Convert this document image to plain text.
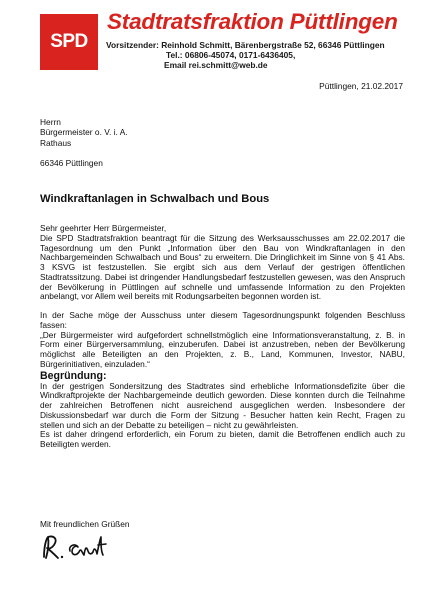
SPD
Stadtratsfraktion Püttlingen
Vorsitzender: Reinhold Schmitt, Bärenbergstraße 52, 66346 Püttlingen
Tel.: 06806-45074, 0171-6436405,
Email rei.schmitt@web.de
Püttlingen, 21.02.2017
Herrn
Bürgermeister o. V. i. A.
Rathaus
66346 Püttlingen
Windkraftanlagen in Schwalbach und Bous

Sehr geehrter Herr Bürgermeister,

Die SPD Stadtratsfraktion beantragt für die Sitzung des Werksausschusses am 22.02.2017 die Tagesordnung um den Punkt „Information über den Bau von Windkraftanlagen in den Nachbargemeinden Schwalbach und Bous“ zu erweitern. Die Dringlichkeit im Sinne von § 41 Abs. 3 KSVG ist festzustellen. Sie ergibt sich aus dem Verlauf der gestrigen öffentlichen Stadtratssitzung. Dabei ist dringender Handlungsbedarf festzustellen gewesen, was den Anspruch der Bevölkerung in Püttlingen auf schnelle und umfassende Information zu den Projekten anbelangt, vor Allem weil bereits mit Rodungsarbeiten begonnen worden ist.

In der Sache möge der Ausschuss unter diesem Tagesordnungspunkt folgenden Beschluss fassen:

„Der Bürgermeister wird aufgefordert schnellstmöglich eine Informationsveranstaltung, z. B. in Form einer Bürgerversammlung, einzuberufen. Dabei ist anzustreben, neben der Bevölkerung möglichst alle Beteiligten an den Projekten, z. B., Land, Kommunen, Investor, NABU, Bürgerinitiativen, einzuladen.“

Begründung:

In der gestrigen Sondersitzung des Stadtrates sind erhebliche Informationsdefizite über die Windkraftprojekte der Nachbargemeinde deutlich geworden. Diese konnten durch die Teilnahme der zahlreichen Betroffenen nicht ausreichend ausgeglichen werden. Insbesondere der Diskussionsbedarf war durch die Form der Sitzung - Besucher hatten kein Recht, Fragen zu stellen und sich an der Debatte zu beteiligen – nicht zu gewährleisten.

Es ist daher dringend erforderlich, ein Forum zu bieten, damit die Betroffenen endlich auch zu Beteiligten werden.

Mit freundlichen Grüßen
